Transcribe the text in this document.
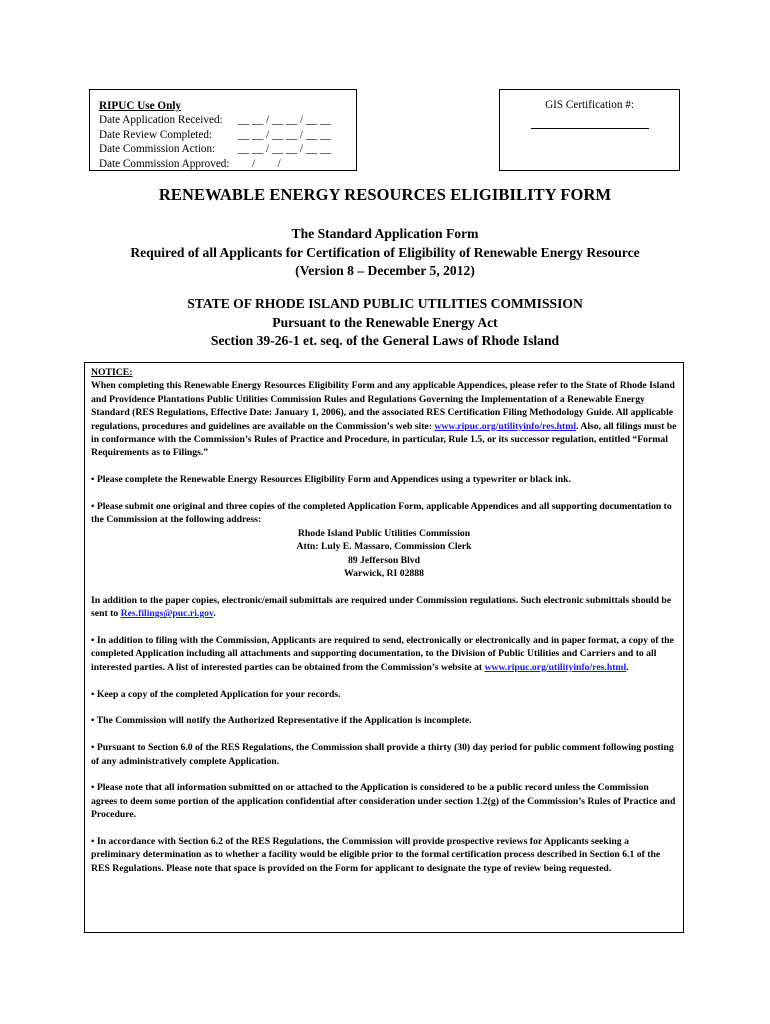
RIPUC Use Only
Date Application Received:	__ __ / __ __ / __ __
Date Review Completed:	__ __ / __ __ / __ __
Date Commission Action:	__ __ / __ __ / __ __
Date Commission Approved: /        /
GIS Certification #:
RENEWABLE ENERGY RESOURCES ELIGIBILITY FORM
The Standard Application Form
Required of all Applicants for Certification of Eligibility of Renewable Energy Resource
(Version 8 – December 5, 2012)
STATE OF RHODE ISLAND PUBLIC UTILITIES COMMISSION
Pursuant to the Renewable Energy Act
Section 39-26-1 et. seq. of the General Laws of Rhode Island

NOTICE:

When completing this Renewable Energy Resources Eligibility Form and any applicable Appendices, please refer to the State of Rhode Island and Providence Plantations Public Utilities Commission Rules and Regulations Governing the Implementation of a Renewable Energy Standard (RES Regulations, Effective Date: January 1, 2006), and the associated RES Certification Filing Methodology Guide. All applicable regulations, procedures and guidelines are available on the Commission’s web site: www.ripuc.org/utilityinfo/res.html. Also, all filings must be in conformance with the Commission’s Rules of Practice and Procedure, in particular, Rule 1.5, or its successor regulation, entitled “Formal Requirements as to Filings.”

• Please complete the Renewable Energy Resources Eligibility Form and Appendices using a typewriter or black ink.

• Please submit one original and three copies of the completed Application Form, applicable Appendices and all supporting documentation to the Commission at the following address:

Rhode Island Public Utilities Commission

Attn: Luly E. Massaro, Commission Clerk

89 Jefferson Blvd

Warwick, RI 02888

In addition to the paper copies, electronic/email submittals are required under Commission regulations. Such electronic submittals should be sent to Res.filings@puc.ri.gov.

• In addition to filing with the Commission, Applicants are required to send, electronically or electronically and in paper format, a copy of the completed Application including all attachments and supporting documentation, to the Division of Public Utilities and Carriers and to all interested parties. A list of interested parties can be obtained from the Commission’s website at www.ripuc.org/utilityinfo/res.html.

• Keep a copy of the completed Application for your records.

• The Commission will notify the Authorized Representative if the Application is incomplete.

• Pursuant to Section 6.0 of the RES Regulations, the Commission shall provide a thirty (30) day period for public comment following posting of any administratively complete Application.

• Please note that all information submitted on or attached to the Application is considered to be a public record unless the Commission agrees to deem some portion of the application confidential after consideration under section 1.2(g) of the Commission’s Rules of Practice and Procedure.

• In accordance with Section 6.2 of the RES Regulations, the Commission will provide prospective reviews for Applicants seeking a preliminary determination as to whether a facility would be eligible prior to the formal certification process described in Section 6.1 of the RES Regulations. Please note that space is provided on the Form for applicant to designate the type of review being requested.
